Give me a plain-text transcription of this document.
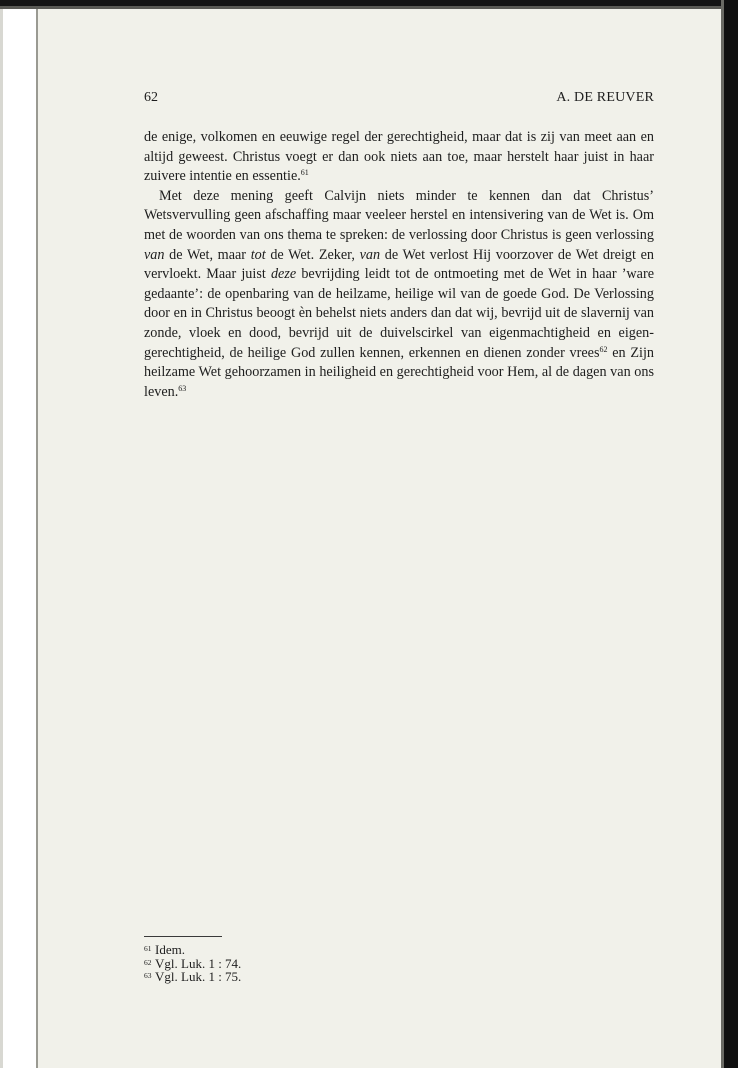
62	A. DE REUVER

de enige, volkomen en eeuwige regel der gerechtigheid, maar dat is zij van meet aan en altijd geweest. Christus voegt er dan ook niets aan toe, maar herstelt haar juist in haar zuivere intentie en essentie.$^{61}$

Met deze mening geeft Calvijn niets minder te kennen dan dat Christus’ Wetsvervulling geen afschaffing maar veeleer herstel en intensivering van de Wet is. Om met de woorden van ons thema te spreken: de verlossing door Christus is geen verlossing van de Wet, maar tot de Wet. Zeker, van de Wet verlost Hij voorzover de Wet dreigt en vervloekt. Maar juist deze bevrijding leidt tot de ontmoeting met de Wet in haar ’ware gedaante’: de openbaring van de heilzame, heilige wil van de goede God. De Verlossing door en in Christus beoogt èn behelst niets anders dan dat wij, bevrijd uit de slavernij van zonde, vloek en dood, bevrijd uit de duivelscirkel van eigenmachtigheid en eigen-gerechtigheid, de heilige God zullen kennen, erkennen en dienen zonder vrees$^{62}$ en Zijn heilzame Wet gehoorzamen in heiligheid en gerechtigheid voor Hem, al de dagen van ons leven.$^{63}$

61 Idem.
62 Vgl. Luk. 1 : 74.
63 Vgl. Luk. 1 : 75.
